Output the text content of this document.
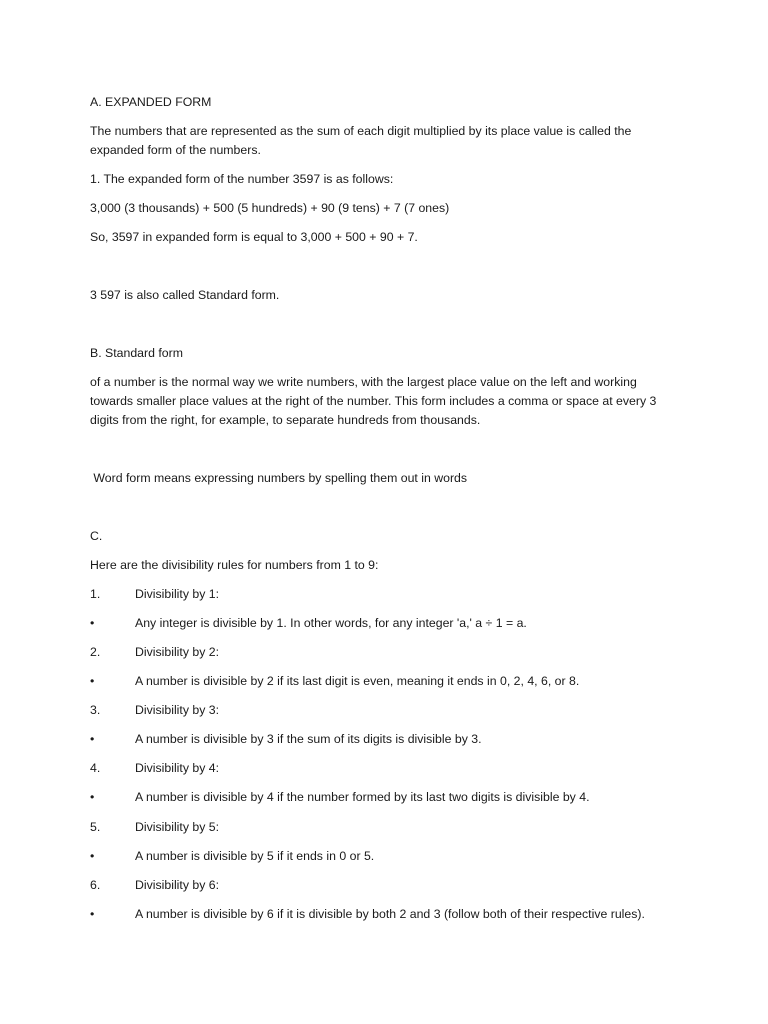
A. EXPANDED FORM
The numbers that are represented as the sum of each digit multiplied by its place value is called the
expanded form of the numbers.
1. The expanded form of the number 3597 is as follows:
3,000 (3 thousands) + 500 (5 hundreds) + 90 (9 tens) + 7 (7 ones)
So, 3597 in expanded form is equal to 3,000 + 500 + 90 + 7.
3 597 is also called Standard form.
B. Standard form
of a number is the normal way we write numbers, with the largest place value on the left and working
towards smaller place values at the right of the number. This form includes a comma or space at every 3
digits from the right, for example, to separate hundreds from thousands.
Word form means expressing numbers by spelling them out in words
C.
Here are the divisibility rules for numbers from 1 to 9:
1.	Divisibility by 1:
•	Any integer is divisible by 1. In other words, for any integer 'a,' a ÷ 1 = a.
2.	Divisibility by 2:
•	A number is divisible by 2 if its last digit is even, meaning it ends in 0, 2, 4, 6, or 8.
3.	Divisibility by 3:
•	A number is divisible by 3 if the sum of its digits is divisible by 3.
4.	Divisibility by 4:
•	A number is divisible by 4 if the number formed by its last two digits is divisible by 4.
5.	Divisibility by 5:
•	A number is divisible by 5 if it ends in 0 or 5.
6.	Divisibility by 6:
•	A number is divisible by 6 if it is divisible by both 2 and 3 (follow both of their respective rules).
